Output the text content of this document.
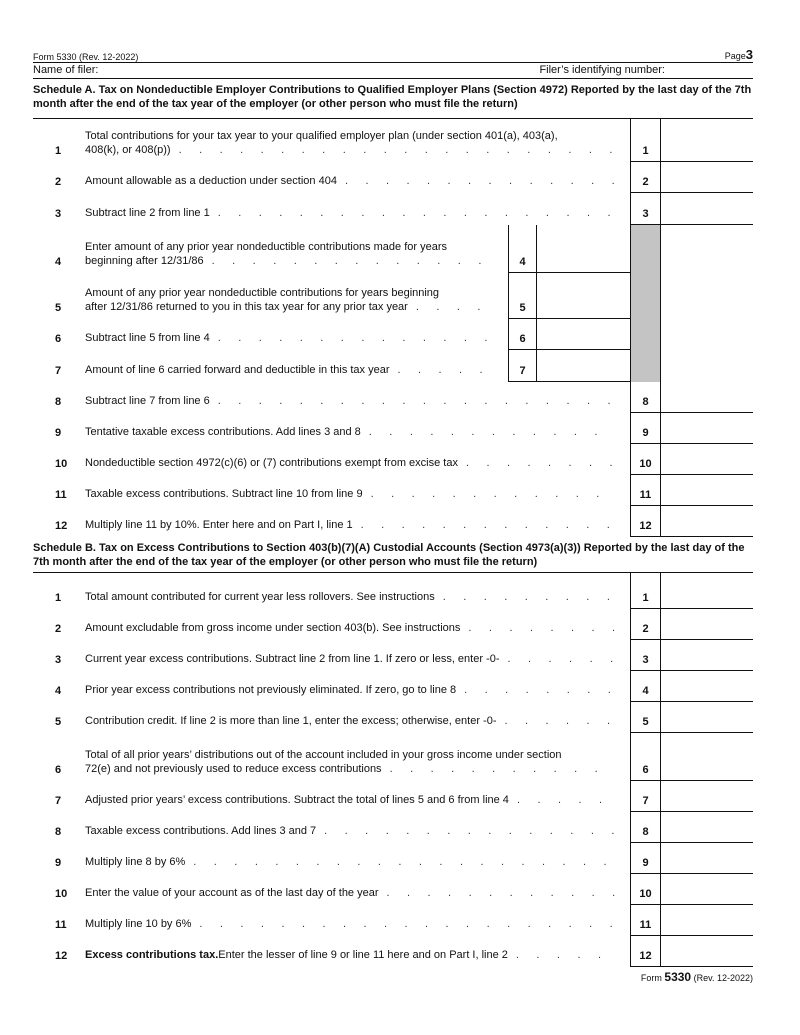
Form 5330 (Rev. 12-2022)	Page3
Name of filer:	Filer’s identifying number:
Schedule A. Tax on Nondeductible Employer Contributions to Qualified Employer Plans (Section 4972) Reported by the last day of the 7th month after the end of the tax year of the employer (or other person who must file the return)
1
Total contributions for your tax year to your qualified employer plan (under section 401(a), 403(a),
408(k), or 408(p)) . . .	1
2	Amount allowable as a deduction under section 404 . . .	2
3	Subtract line 2 from line 1 . . .	3
4
Enter amount of any prior year nondeductible contributions made for years
beginning after 12/31/86 . . .	4
5
Amount of any prior year nondeductible contributions for years beginning
after 12/31/86 returned to you in this tax year for any prior tax year . . .	5
6	Subtract line 5 from line 4 . . .	6
7	Amount of line 6 carried forward and deductible in this tax year . . .	7
8	Subtract line 7 from line 6 . . .	8
9	Tentative taxable excess contributions. Add lines 3 and 8 . . .	9
10	Nondeductible section 4972(c)(6) or (7) contributions exempt from excise tax . . .	10
11	Taxable excess contributions. Subtract line 10 from line 9 . . .	11
12	Multiply line 11 by 10%. Enter here and on Part I, line 1 . . .	12
Schedule B. Tax on Excess Contributions to Section 403(b)(7)(A) Custodial Accounts (Section 4973(a)(3)) Reported by the last day of the 7th month after the end of the tax year of the employer (or other person who must file the return)
1	Total amount contributed for current year less rollovers. See instructions . . .	1
2	Amount excludable from gross income under section 403(b). See instructions . . .	2
3	Current year excess contributions. Subtract line 2 from line 1. If zero or less, enter -0- . . .	3
4	Prior year excess contributions not previously eliminated. If zero, go to line 8 . . .	4
5	Contribution credit. If line 2 is more than line 1, enter the excess; otherwise, enter -0- . . .	5
6
Total of all prior years’ distributions out of the account included in your gross income under section
72(e) and not previously used to reduce excess contributions . . .	6
7	Adjusted prior years’ excess contributions. Subtract the total of lines 5 and 6 from line 4 . . .	7
8	Taxable excess contributions. Add lines 3 and 7 . . .	8
9	Multiply line 8 by 6% . . .	9
10	Enter the value of your account as of the last day of the year . . .	10
11	Multiply line 10 by 6% . . .	11
12	Excess contributions tax. Enter the lesser of line 9 or line 11 here and on Part I, line 2 . . .	12
Form 5330 (Rev. 12-2022)
